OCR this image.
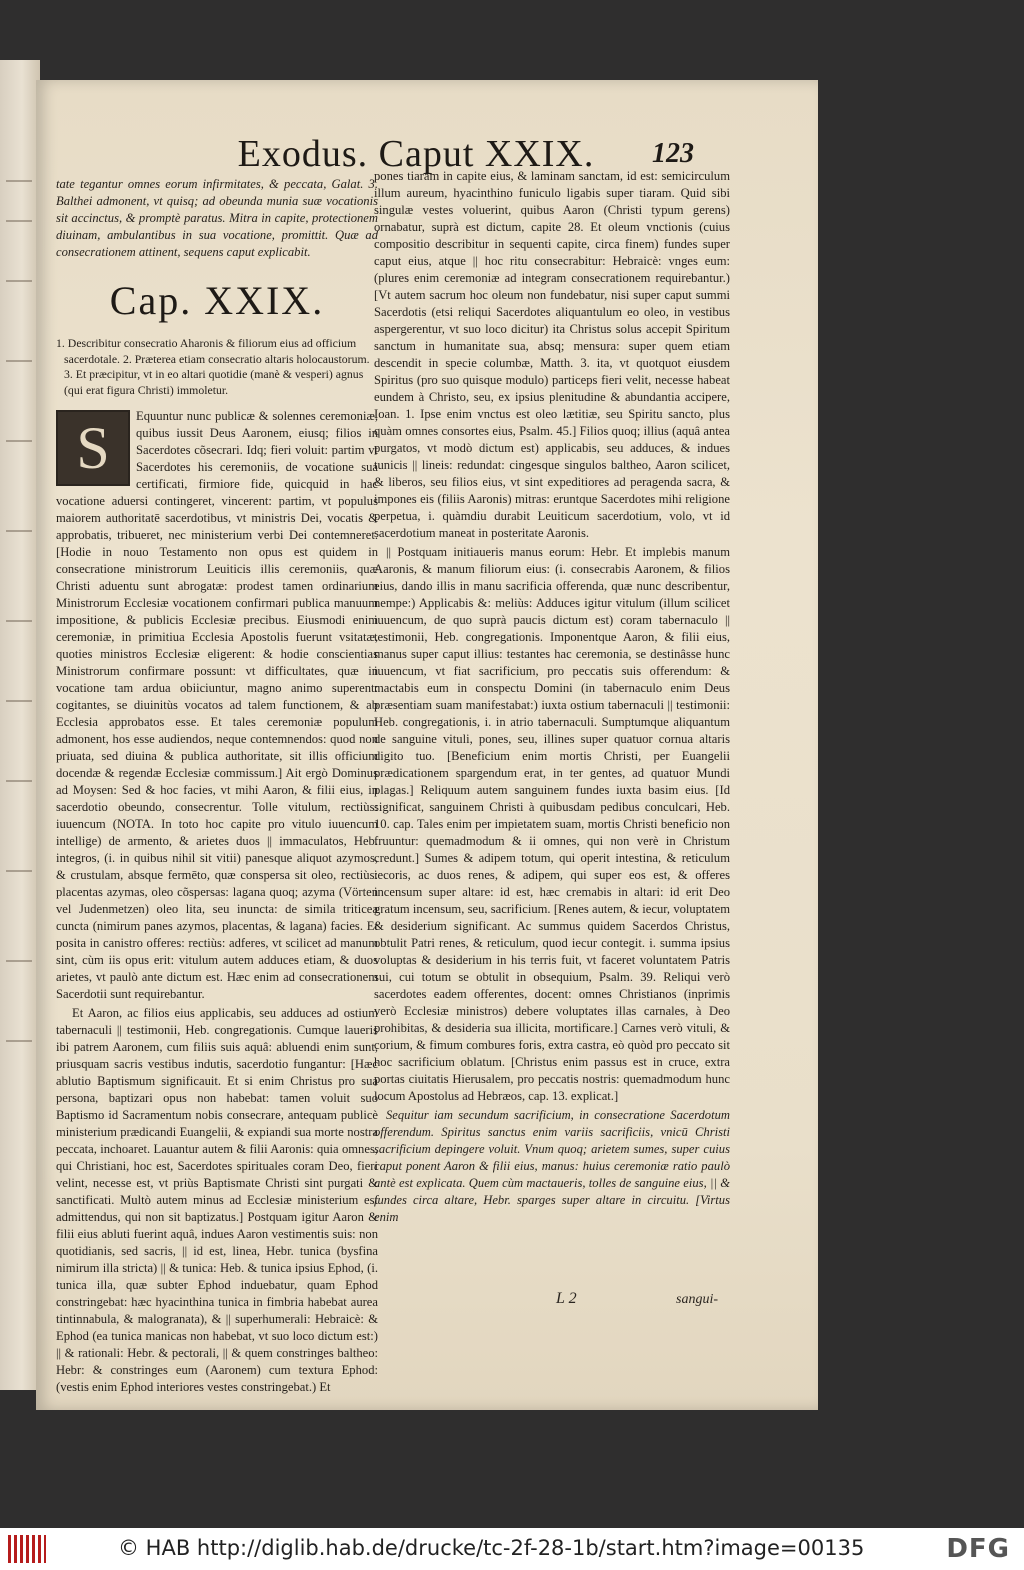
Exodus. Caput XXIX.	123

tate tegantur omnes eorum infirmitates, & peccata, Galat. 3. Balthei admonent, vt quisq; ad obeunda munia suæ vocationis sit accinctus, & promptè paratus. Mitra in capite, protectionem diuinam, ambulantibus in sua vocatione, promittit. Quæ ad consecrationem attinent, sequens caput explicabit.

Cap. XXIX.

1. Describitur consecratio Aharonis & filiorum eius ad officium sacerdotale. 2. Præterea etiam consecratio altaris holocaustorum. 3. Et præcipitur, vt in eo altari quotidie (manè & vesperi) agnus (qui erat figura Christi) immoletur.

S	Equuntur nunc publicæ & solennes ceremoniæ, quibus iussit Deus Aaronem, eiusq; filios in Sacerdotes cõsecrari. Idq; fieri voluit: partim vt Sacerdotes his ceremoniis, de vocatione sua certificati, firmiore fide, quicquid in hac vocatione aduersi contingeret, vincerent: partim, vt populus maiorem authoritatē sacerdotibus, vt ministris Dei, vocatis & approbatis, tribueret, nec ministerium verbi Dei contemneret. [Hodie in nouo Testamento non opus est quidem in consecratione ministrorum Leuiticis illis ceremoniis, quæ Christi aduentu sunt abrogatæ: prodest tamen ordinarium Ministrorum Ecclesiæ vocationem confirmari publica manuum impositione, & publicis Ecclesiæ precibus. Eiusmodi enim ceremoniæ, in primitiua Ecclesia Apostolis fuerunt vsitatæ, quoties ministros Ecclesiæ eligerent: & hodie conscientias Ministrorum confirmare possunt: vt difficultates, quæ in vocatione tam ardua obiiciuntur, magno animo superent: cogitantes, se diuinitùs vocatos ad talem functionem, & ab Ecclesia approbatos esse. Et tales ceremoniæ populum admonent, hos esse audiendos, neque contemnendos: quod non priuata, sed diuina & publica authoritate, sit illis officium docendæ & regendæ Ecclesiæ commissum.] Ait ergò Dominus ad Moysen: Sed & hoc facies, vt mihi Aaron, & filii eius, in sacerdotio obeundo, consecrentur. Tolle vitulum, rectiùs: iuuencum (NOTA. In toto hoc capite pro vitulo iuuencum intellige) de armento, & arietes duos || immaculatos, Heb. integros, (i. in quibus nihil sit vitii) panesque aliquot azymos, & crustulam, absque fermēto, quæ conspersa sit oleo, rectiùs: placentas azymas, oleo cõspersas: lagana quoq; azyma (Vörten vel Judenmetzen) oleo lita, seu inuncta: de simila triticea cuncta (nimirum panes azymos, placentas, & lagana) facies. Et posita in canistro offeres: rectiùs: adferes, vt scilicet ad manum sint, cùm iis opus erit: vitulum autem adduces etiam, & duos arietes, vt paulò ante dictum est. Hæc enim ad consecrationem Sacerdotii sunt requirebantur.

Et Aaron, ac filios eius applicabis, seu adduces ad ostium tabernaculi || testimonii, Heb. congregationis. Cumque laueris ibi patrem Aaronem, cum filiis suis aquâ: abluendi enim sunt, priusquam sacris vestibus indutis, sacerdotio fungantur: [Hæc ablutio Baptismum significauit. Et si enim Christus pro sua persona, baptizari opus non habebat: tamen voluit suo Baptismo id Sacramentum nobis consecrare, antequam publicè ministerium prædicandi Euangelii, & expiandi sua morte nostra peccata, inchoaret. Lauantur autem & filii Aaronis: quia omnes, qui Christiani, hoc est, Sacerdotes spirituales coram Deo, fieri velint, necesse est, vt priùs Baptismate Christi sint purgati & sanctificati. Multò autem minus ad Ecclesiæ ministerium est admittendus, qui non sit baptizatus.] Postquam igitur Aaron & filii eius abluti fuerint aquâ, indues Aaron vestimentis suis: non quotidianis, sed sacris, || id est, linea, Hebr. tunica (bysfina nimirum illa stricta) || & tunica: Heb. & tunica ipsius Ephod, (i. tunica illa, quæ subter Ephod induebatur, quam Ephod constringebat: hæc hyacinthina tunica in fimbria habebat aurea tintinnabula, & malogranata), & || superhumerali: Hebraicè: & Ephod (ea tunica manicas non habebat, vt suo loco dictum est:) || & rationali: Hebr. & pectorali, || & quem constringes baltheo: Hebr: & constringes eum (Aaronem) cum textura Ephod: (vestis enim Ephod interiores vestes constringebat.) Et

pones tiaram in capite eius, & laminam sanctam, id est: semicirculum illum aureum, hyacinthino funiculo ligabis super tiaram. Quid sibi singulæ vestes voluerint, quibus Aaron (Christi typum gerens) ornabatur, suprà est dictum, capite 28. Et oleum vnctionis (cuius compositio describitur in sequenti capite, circa finem) fundes super caput eius, atque || hoc ritu consecrabitur: Hebraicè: vnges eum: (plures enim ceremoniæ ad integram consecrationem requirebantur.) [Vt autem sacrum hoc oleum non fundebatur, nisi super caput summi Sacerdotis (etsi reliqui Sacerdotes aliquantulum eo oleo, in vestibus aspergerentur, vt suo loco dicitur) ita Christus solus accepit Spiritum sanctum in humanitate sua, absq; mensura: super quem etiam descendit in specie columbæ, Matth. 3. ita, vt quotquot eiusdem Spiritus (pro suo quisque modulo) particeps fieri velit, necesse habeat eundem à Christo, seu, ex ipsius plenitudine & abundantia accipere, Ioan. 1. Ipse enim vnctus est oleo lætitiæ, seu Spiritu sancto, plus quàm omnes consortes eius, Psalm. 45.] Filios quoq; illius (aquâ antea purgatos, vt modò dictum est) applicabis, seu adduces, & indues tunicis || lineis: redundat: cingesque singulos baltheo, Aaron scilicet, & liberos, seu filios eius, vt sint expeditiores ad peragenda sacra, & impones eis (filiis Aaronis) mitras: eruntque Sacerdotes mihi religione perpetua, i. quàmdiu durabit Leuiticum sacerdotium, volo, vt id sacerdotium maneat in posteritate Aaronis.

|| Postquam initiaueris manus eorum: Hebr. Et implebis manum Aaronis, & manum filiorum eius: (i. consecrabis Aaronem, & filios eius, dando illis in manu sacrificia offerenda, quæ nunc describentur, nempe:) Applicabis &: meliùs: Adduces igitur vitulum (illum scilicet iuuencum, de quo suprà paucis dictum est) coram tabernaculo || testimonii, Heb. congregationis. Imponentque Aaron, & filii eius, manus super caput illius: testantes hac ceremonia, se destinâsse hunc iuuencum, vt fiat sacrificium, pro peccatis suis offerendum: & mactabis eum in conspectu Domini (in tabernaculo enim Deus præsentiam suam manifestabat:) iuxta ostium tabernaculi || testimonii: Heb. congregationis, i. in atrio tabernaculi. Sumptumque aliquantum de sanguine vituli, pones, seu, illines super quatuor cornua altaris digito tuo. [Beneficium enim mortis Christi, per Euangelii prædicationem spargendum erat, in ter gentes, ad quatuor Mundi plagas.] Reliquum autem sanguinem fundes iuxta basim eius. [Id significat, sanguinem Christi à quibusdam pedibus conculcari, Heb. 10. cap. Tales enim per impietatem suam, mortis Christi beneficio non fruuntur: quemadmodum & ii omnes, qui non verè in Christum credunt.] Sumes & adipem totum, qui operit intestina, & reticulum iecoris, ac duos renes, & adipem, qui super eos est, & offeres incensum super altare: id est, hæc cremabis in altari: id erit Deo gratum incensum, seu, sacrificium. [Renes autem, & iecur, voluptatem & desiderium significant. Ac summus quidem Sacerdos Christus, obtulit Patri renes, & reticulum, quod iecur contegit. i. summa ipsius voluptas & desiderium in his terris fuit, vt faceret voluntatem Patris sui, cui totum se obtulit in obsequium, Psalm. 39. Reliqui verò sacerdotes eadem offerentes, docent: omnes Christianos (inprimis verò Ecclesiæ ministros) debere voluptates illas carnales, à Deo prohibitas, & desideria sua illicita, mortificare.] Carnes verò vituli, & corium, & fimum combures foris, extra castra, eò quòd pro peccato sit hoc sacrificium oblatum. [Christus enim passus est in cruce, extra portas ciuitatis Hierusalem, pro peccatis nostris: quemadmodum hunc locum Apostolus ad Hebræos, cap. 13. explicat.]

Sequitur iam secundum sacrificium, in consecratione Sacerdotum offerendum. Spiritus sanctus enim variis sacrificiis, vnicū Christi sacrificium depingere voluit. Vnum quoq; arietem sumes, super cuius caput ponent Aaron & filii eius, manus: huius ceremoniæ ratio paulò antè est explicata. Quem cùm mactaueris, tolles de sanguine eius, || & fundes circa altare, Hebr. sparges super altare in circuitu. [Virtus enim

L 2	sangui-
© HAB http://diglib.hab.de/drucke/tc-2f-28-1b/start.htm?image=00135	DFG
